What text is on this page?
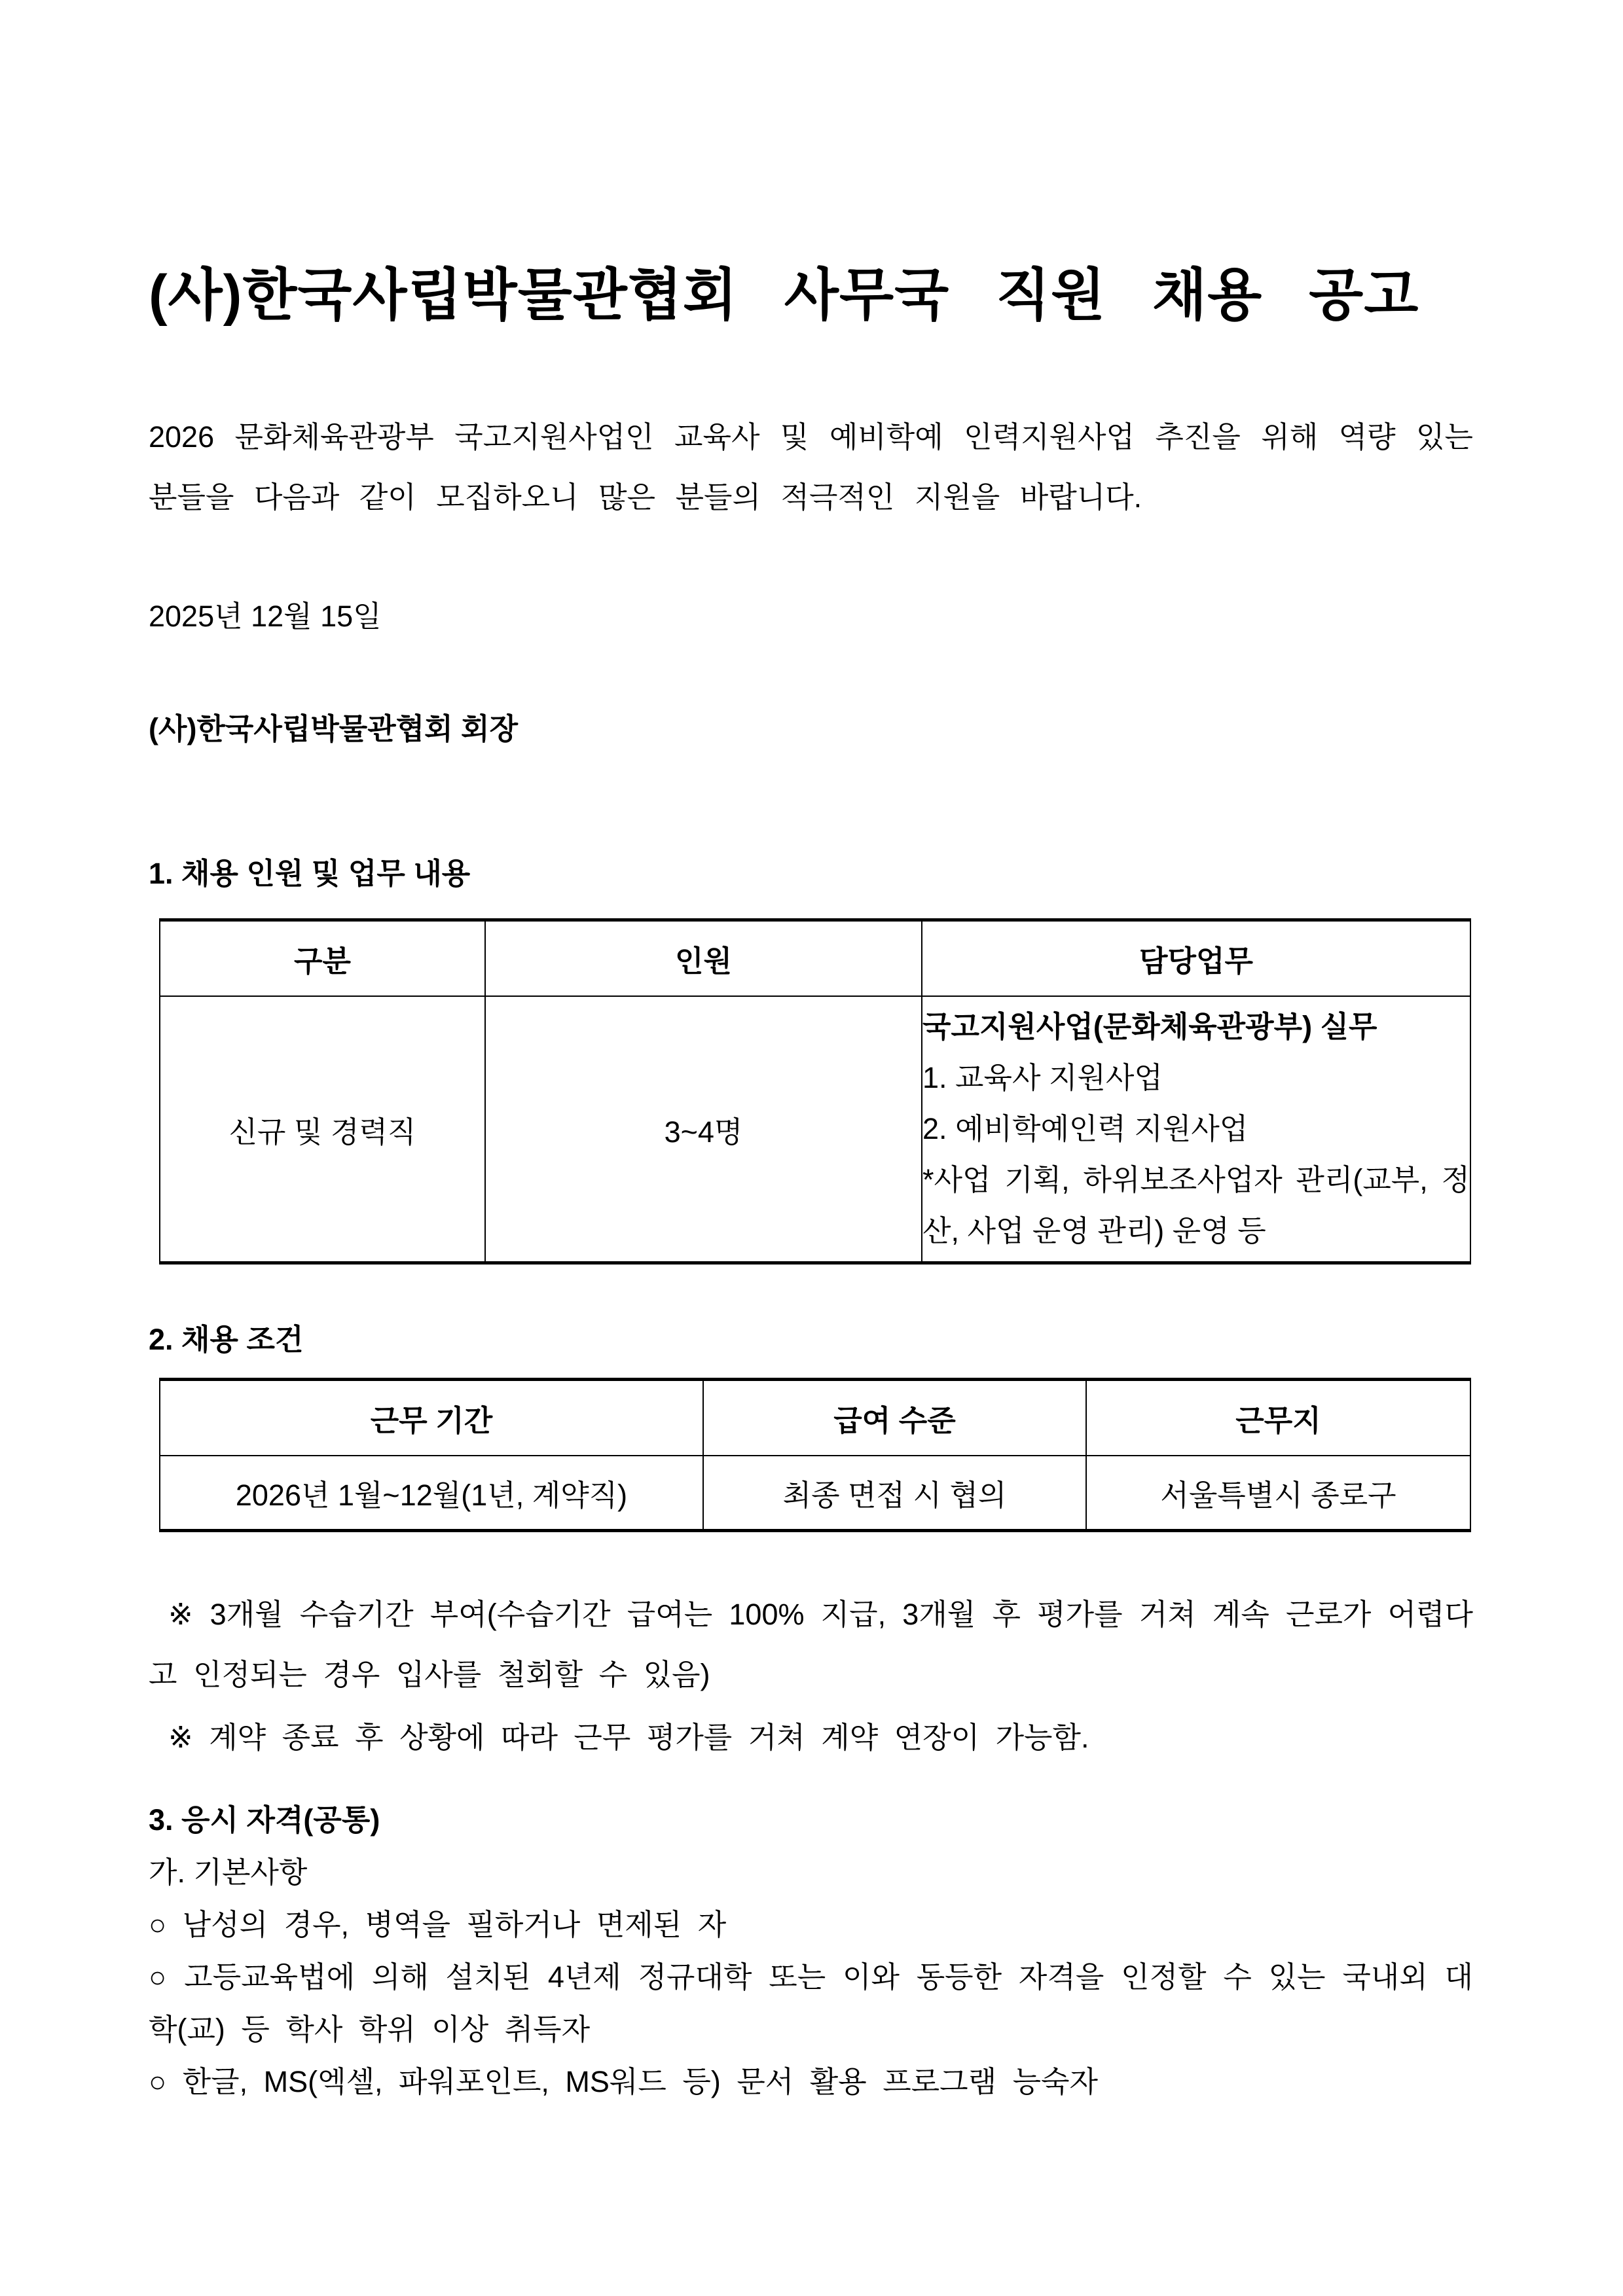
(사)한국사립박물관협회 사무국 직원 채용 공고
2026 문화체육관광부 국고지원사업인 교육사 및 예비학예 인력지원사업 추진을 위해 역량 있는 분들을 다음과 같이 모집하오니 많은 분들의 적극적인 지원을 바랍니다.
2025년 12월 15일
(사)한국사립박물관협회 회장
1. 채용 인원 및 업무 내용
구분	인원	담당업무
신규 및 경력직	3~4명	국고지원사업(문화체육관광부) 실무
1. 교육사 지원사업
2. 예비학예인력 지원사업
*사업 기획, 하위보조사업자 관리(교부, 정산, 사업 운영 관리) 운영 등
2. 채용 조건
근무 기간	급여 수준	근무지
2026년 1월~12월(1년, 계약직)	최종 면접 시 협의	서울특별시 종로구
※ 3개월 수습기간 부여(수습기간 급여는 100% 지급, 3개월 후 평가를 거쳐 계속 근로가 어렵다고 인정되는 경우 입사를 철회할 수 있음)
※ 계약 종료 후 상황에 따라 근무 평가를 거쳐 계약 연장이 가능함.
3. 응시 자격(공통)
가. 기본사항
○ 남성의 경우, 병역을 필하거나 면제된 자
○ 고등교육법에 의해 설치된 4년제 정규대학 또는 이와 동등한 자격을 인정할 수 있는 국내외 대학(교) 등 학사 학위 이상 취득자
○ 한글, MS(엑셀, 파워포인트, MS워드 등) 문서 활용 프로그램 능숙자
